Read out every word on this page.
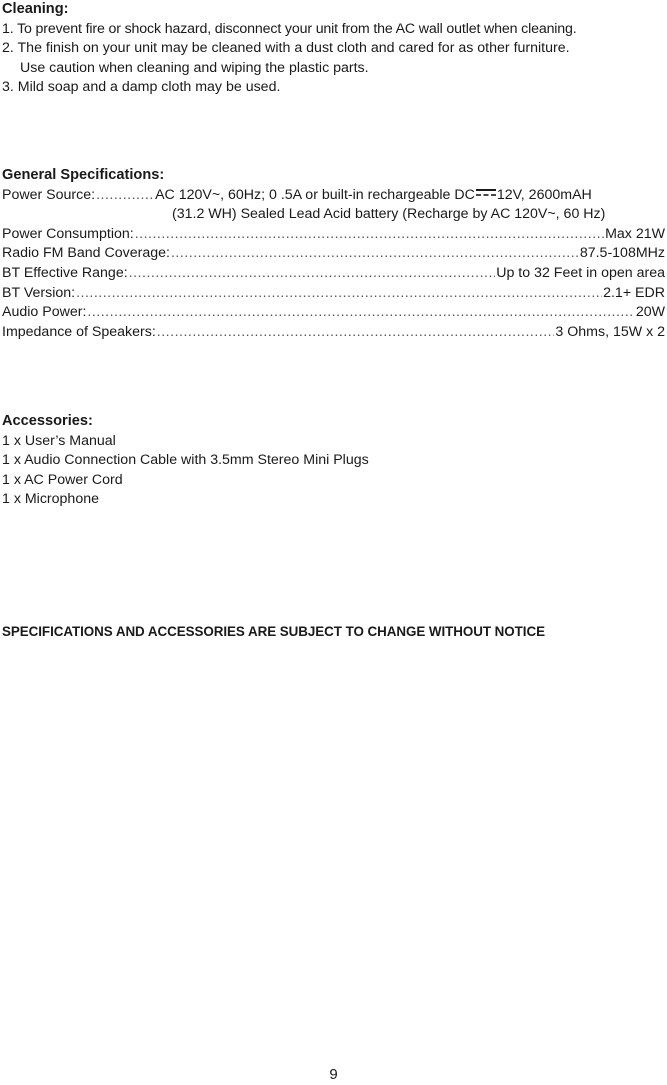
Cleaning:
1. To prevent fire or shock hazard, disconnect your unit from the AC wall outlet when cleaning.
2. The finish on your unit may be cleaned with a dust cloth and cared for as other furniture.
Use caution when cleaning and wiping the plastic parts.
3. Mild soap and a damp cloth may be used.
General Specifications:
Power Source: .....	AC 120V~, 60Hz; 0 .5A or built-in rechargeable DC 12V, 2600mAH
(31.2 WH) Sealed Lead Acid battery (Recharge by AC 120V~, 60 Hz)
Power Consumption: .....	Max 21W
Radio FM Band Coverage: .....	87.5-108MHz
BT Effective Range: .....	Up to 32 Feet in open area
BT Version: .....	2.1+ EDR
Audio Power: .....	20W
Impedance of Speakers: .....	3 Ohms, 15W x 2
Accessories:
1 x User’s Manual
1 x Audio Connection Cable with 3.5mm Stereo Mini Plugs
1 x AC Power Cord
1 x Microphone
SPECIFICATIONS AND ACCESSORIES ARE SUBJECT TO CHANGE WITHOUT NOTICE
9
